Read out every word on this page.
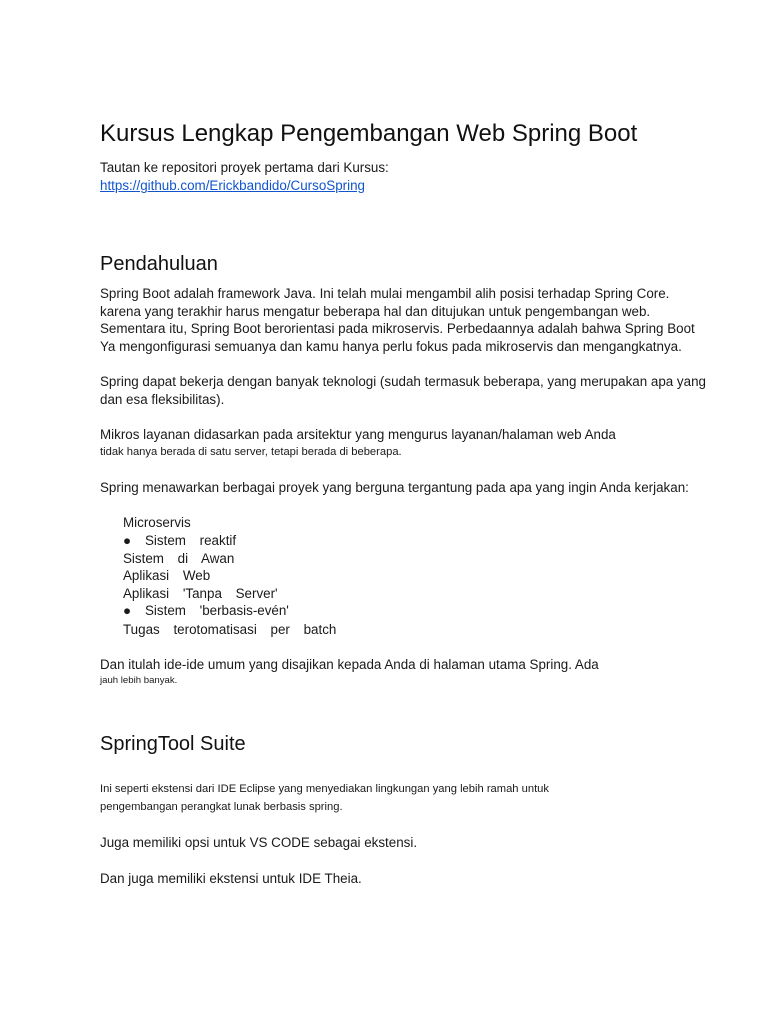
Kursus Lengkap Pengembangan Web Spring Boot
Tautan ke repositori proyek pertama dari Kursus:
https://github.com/Erickbandido/CursoSpring
Pendahuluan
Spring Boot adalah framework Java. Ini telah mulai mengambil alih posisi terhadap Spring Core.
karena yang terakhir harus mengatur beberapa hal dan ditujukan untuk pengembangan web.
Sementara itu, Spring Boot berorientasi pada mikroservis. Perbedaannya adalah bahwa Spring Boot
Ya mengonfigurasi semuanya dan kamu hanya perlu fokus pada mikroservis dan mengangkatnya.
Spring dapat bekerja dengan banyak teknologi (sudah termasuk beberapa, yang merupakan apa yang
dan esa fleksibilitas).
Mikros layanan didasarkan pada arsitektur yang mengurus layanan/halaman web Anda
tidak hanya berada di satu server, tetapi berada di beberapa.
Spring menawarkan berbagai proyek yang berguna tergantung pada apa yang ingin Anda kerjakan:
Microservis
● Sistem reaktif
Sistem di Awan
Aplikasi Web
Aplikasi 'Tanpa Server'
● Sistem 'berbasis-evén'
Tugas terotomatisasi per batch
Dan itulah ide-ide umum yang disajikan kepada Anda di halaman utama Spring. Ada
jauh lebih banyak.
SpringTool Suite
Ini seperti ekstensi dari IDE Eclipse yang menyediakan lingkungan yang lebih ramah untuk
pengembangan perangkat lunak berbasis spring.
Juga memiliki opsi untuk VS CODE sebagai ekstensi.
Dan juga memiliki ekstensi untuk IDE Theia.
